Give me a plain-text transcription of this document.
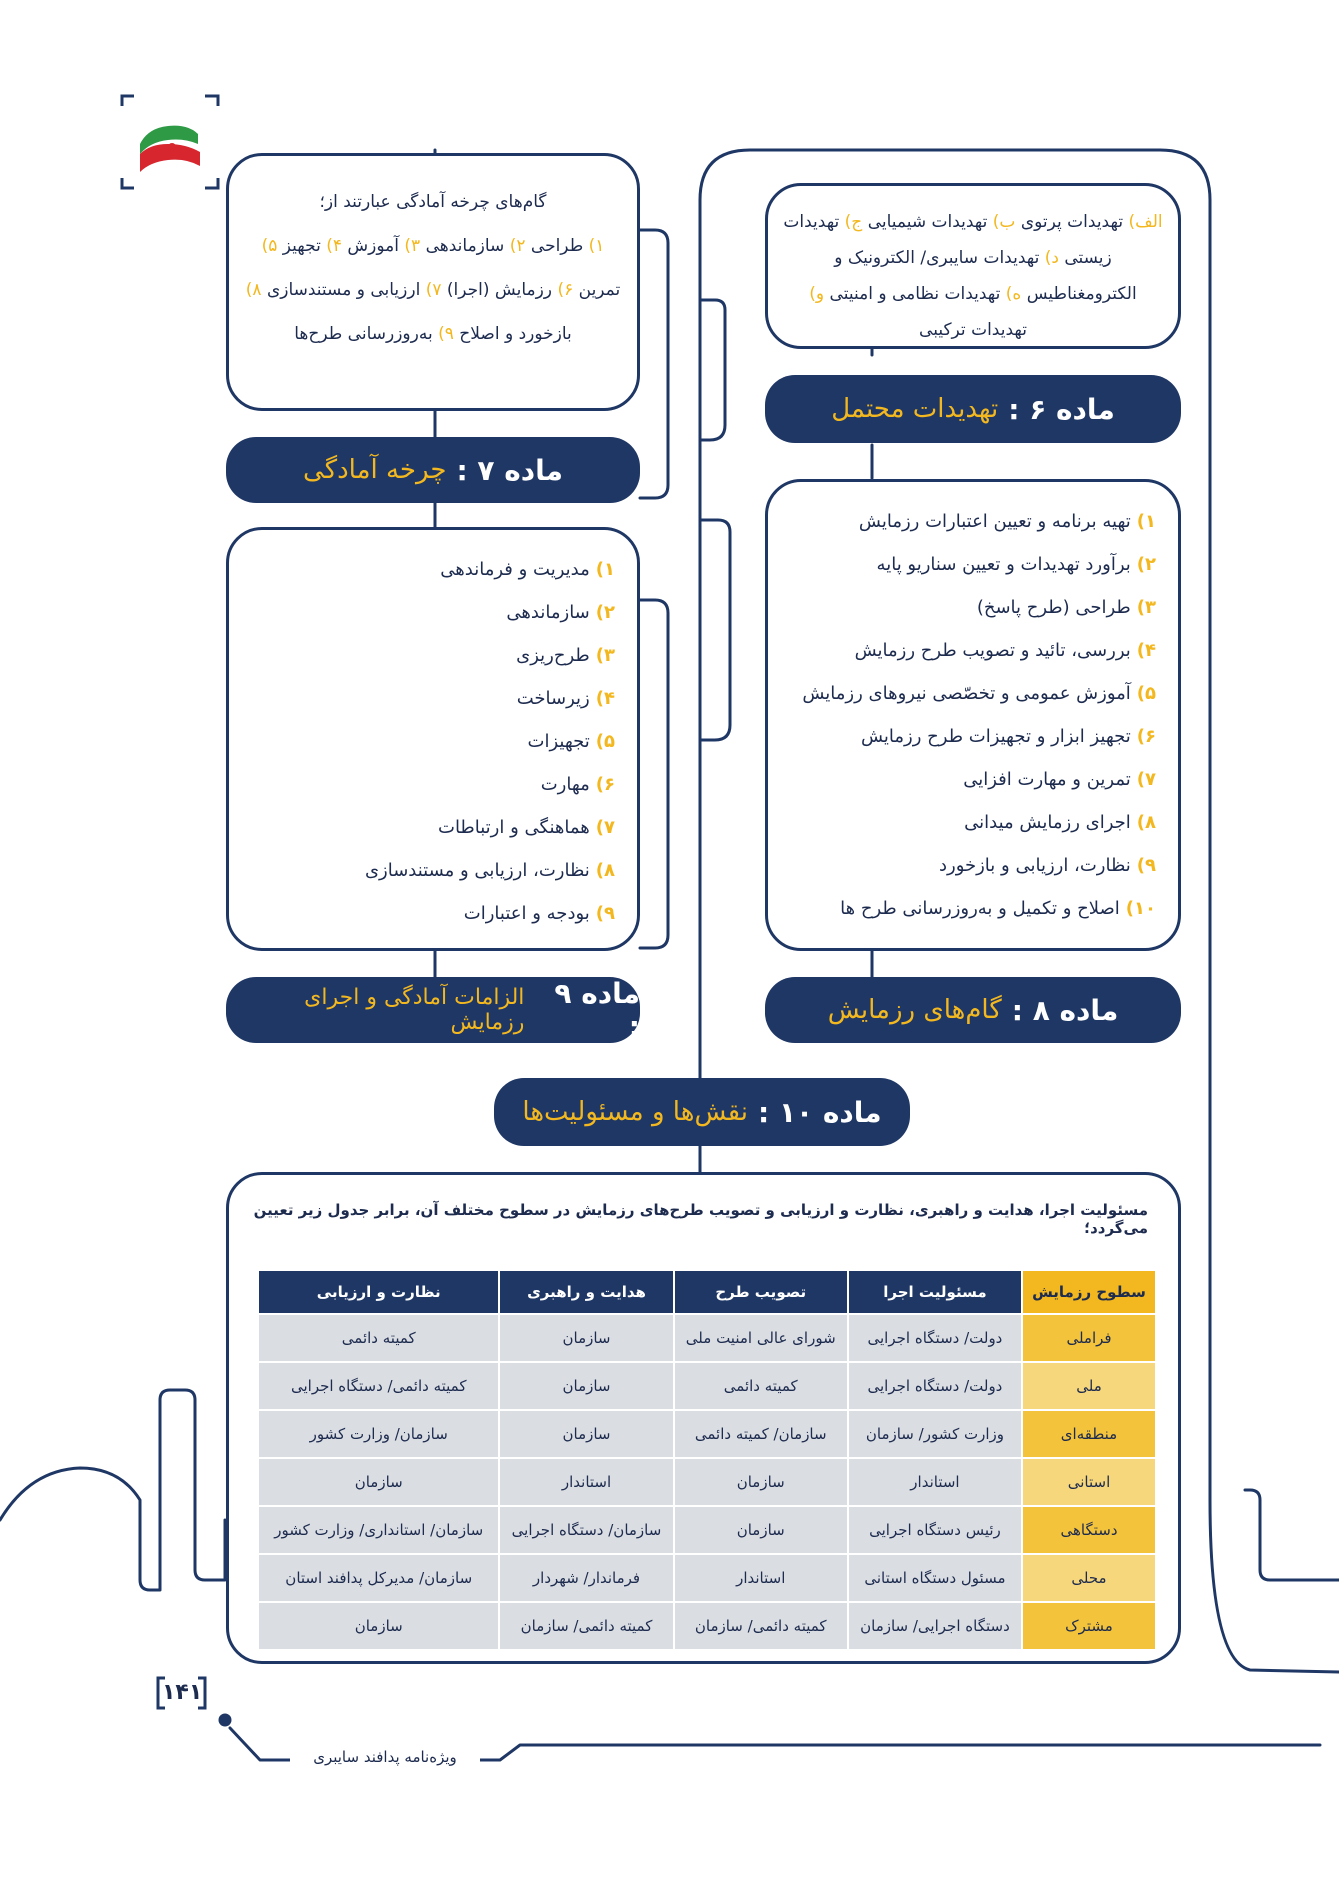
الف) تهدیدات پرتوی ب) تهدیدات شیمیایی ج) تهدیدات زیستی د) تهدیدات سایبری/ الکترونیک و الکترومغناطیس ه) تهدیدات نظامی و امنیتی و) تهدیدات ترکیبی
ماده ۶ :
تهدیدات محتمل
گام‌های چرخه آمادگی عبارتند از؛
۱) طراحی ۲) سازماندهی ۳) آموزش ۴) تجهیز ۵) تمرین ۶) رزمایش (اجرا) ۷) ارزیابی و مستندسازی ۸) بازخورد و اصلاح ۹) به‌روزرسانی طرح‌ها
ماده ۷ :
چرخه آمادگی
۱)
تهیه برنامه و تعیین اعتبارات رزمایش
۲)
برآورد تهدیدات و تعیین سناریو پایه
۳)
طراحی (طرح پاسخ)
۴)
بررسی، تائید و تصویب طرح رزمایش
۵)
آموزش عمومی و تخصّصی نیروهای رزمایش
۶)
تجهیز ابزار و تجهیزات طرح رزمایش
۷)
تمرین و مهارت افزایی
۸)
اجرای رزمایش میدانی
۹)
نظارت، ارزیابی و بازخورد
۱۰)
اصلاح و تکمیل و به‌روزرسانی طرح ها
ماده ۸ :
گام‌های رزمایش
۱)
مدیریت و فرماندهی
۲)
سازماندهی
۳)
طرح‌ریزی
۴)
زیرساخت
۵)
تجهیزات
۶)
مهارت
۷)
هماهنگی و ارتباطات
۸)
نظارت، ارزیابی و مستندسازی
۹)
بودجه و اعتبارات
ماده ۹ :
الزامات آمادگی و اجرای رزمایش
ماده ۱۰ :
نقش‌ها و مسئولیت‌ها
مسئولیت اجرا، هدایت و راهبری، نظارت و ارزیابی و تصویب طرح‌های رزمایش در سطوح مختلف آن، برابر جدول زیر تعیین می‌گردد؛
سطوح رزمایش	مسئولیت اجرا	تصویب طرح	هدایت و راهبری	نظارت و ارزیابی
فراملی	دولت/ دستگاه اجرایی	شورای عالی امنیت ملی	سازمان	کمیته دائمی
ملی	دولت/ دستگاه اجرایی	کمیته دائمی	سازمان	کمیته دائمی/ دستگاه اجرایی
منطقه‌ای	وزارت کشور/ سازمان	سازمان/ کمیته دائمی	سازمان	سازمان/ وزارت کشور
استانی	استاندار	سازمان	استاندار	سازمان
دستگاهی	رئیس دستگاه اجرایی	سازمان	سازمان/ دستگاه اجرایی	سازمان/ استانداری/ وزارت کشور
محلی	مسئول دستگاه استانی	استاندار	فرماندار/ شهردار	سازمان/ مدیرکل پدافند استان
مشترک	دستگاه اجرایی/ سازمان	کمیته دائمی/ سازمان	کمیته دائمی/ سازمان	سازمان
۱۴۱
ویژه‌نامه پدافند سایبری
